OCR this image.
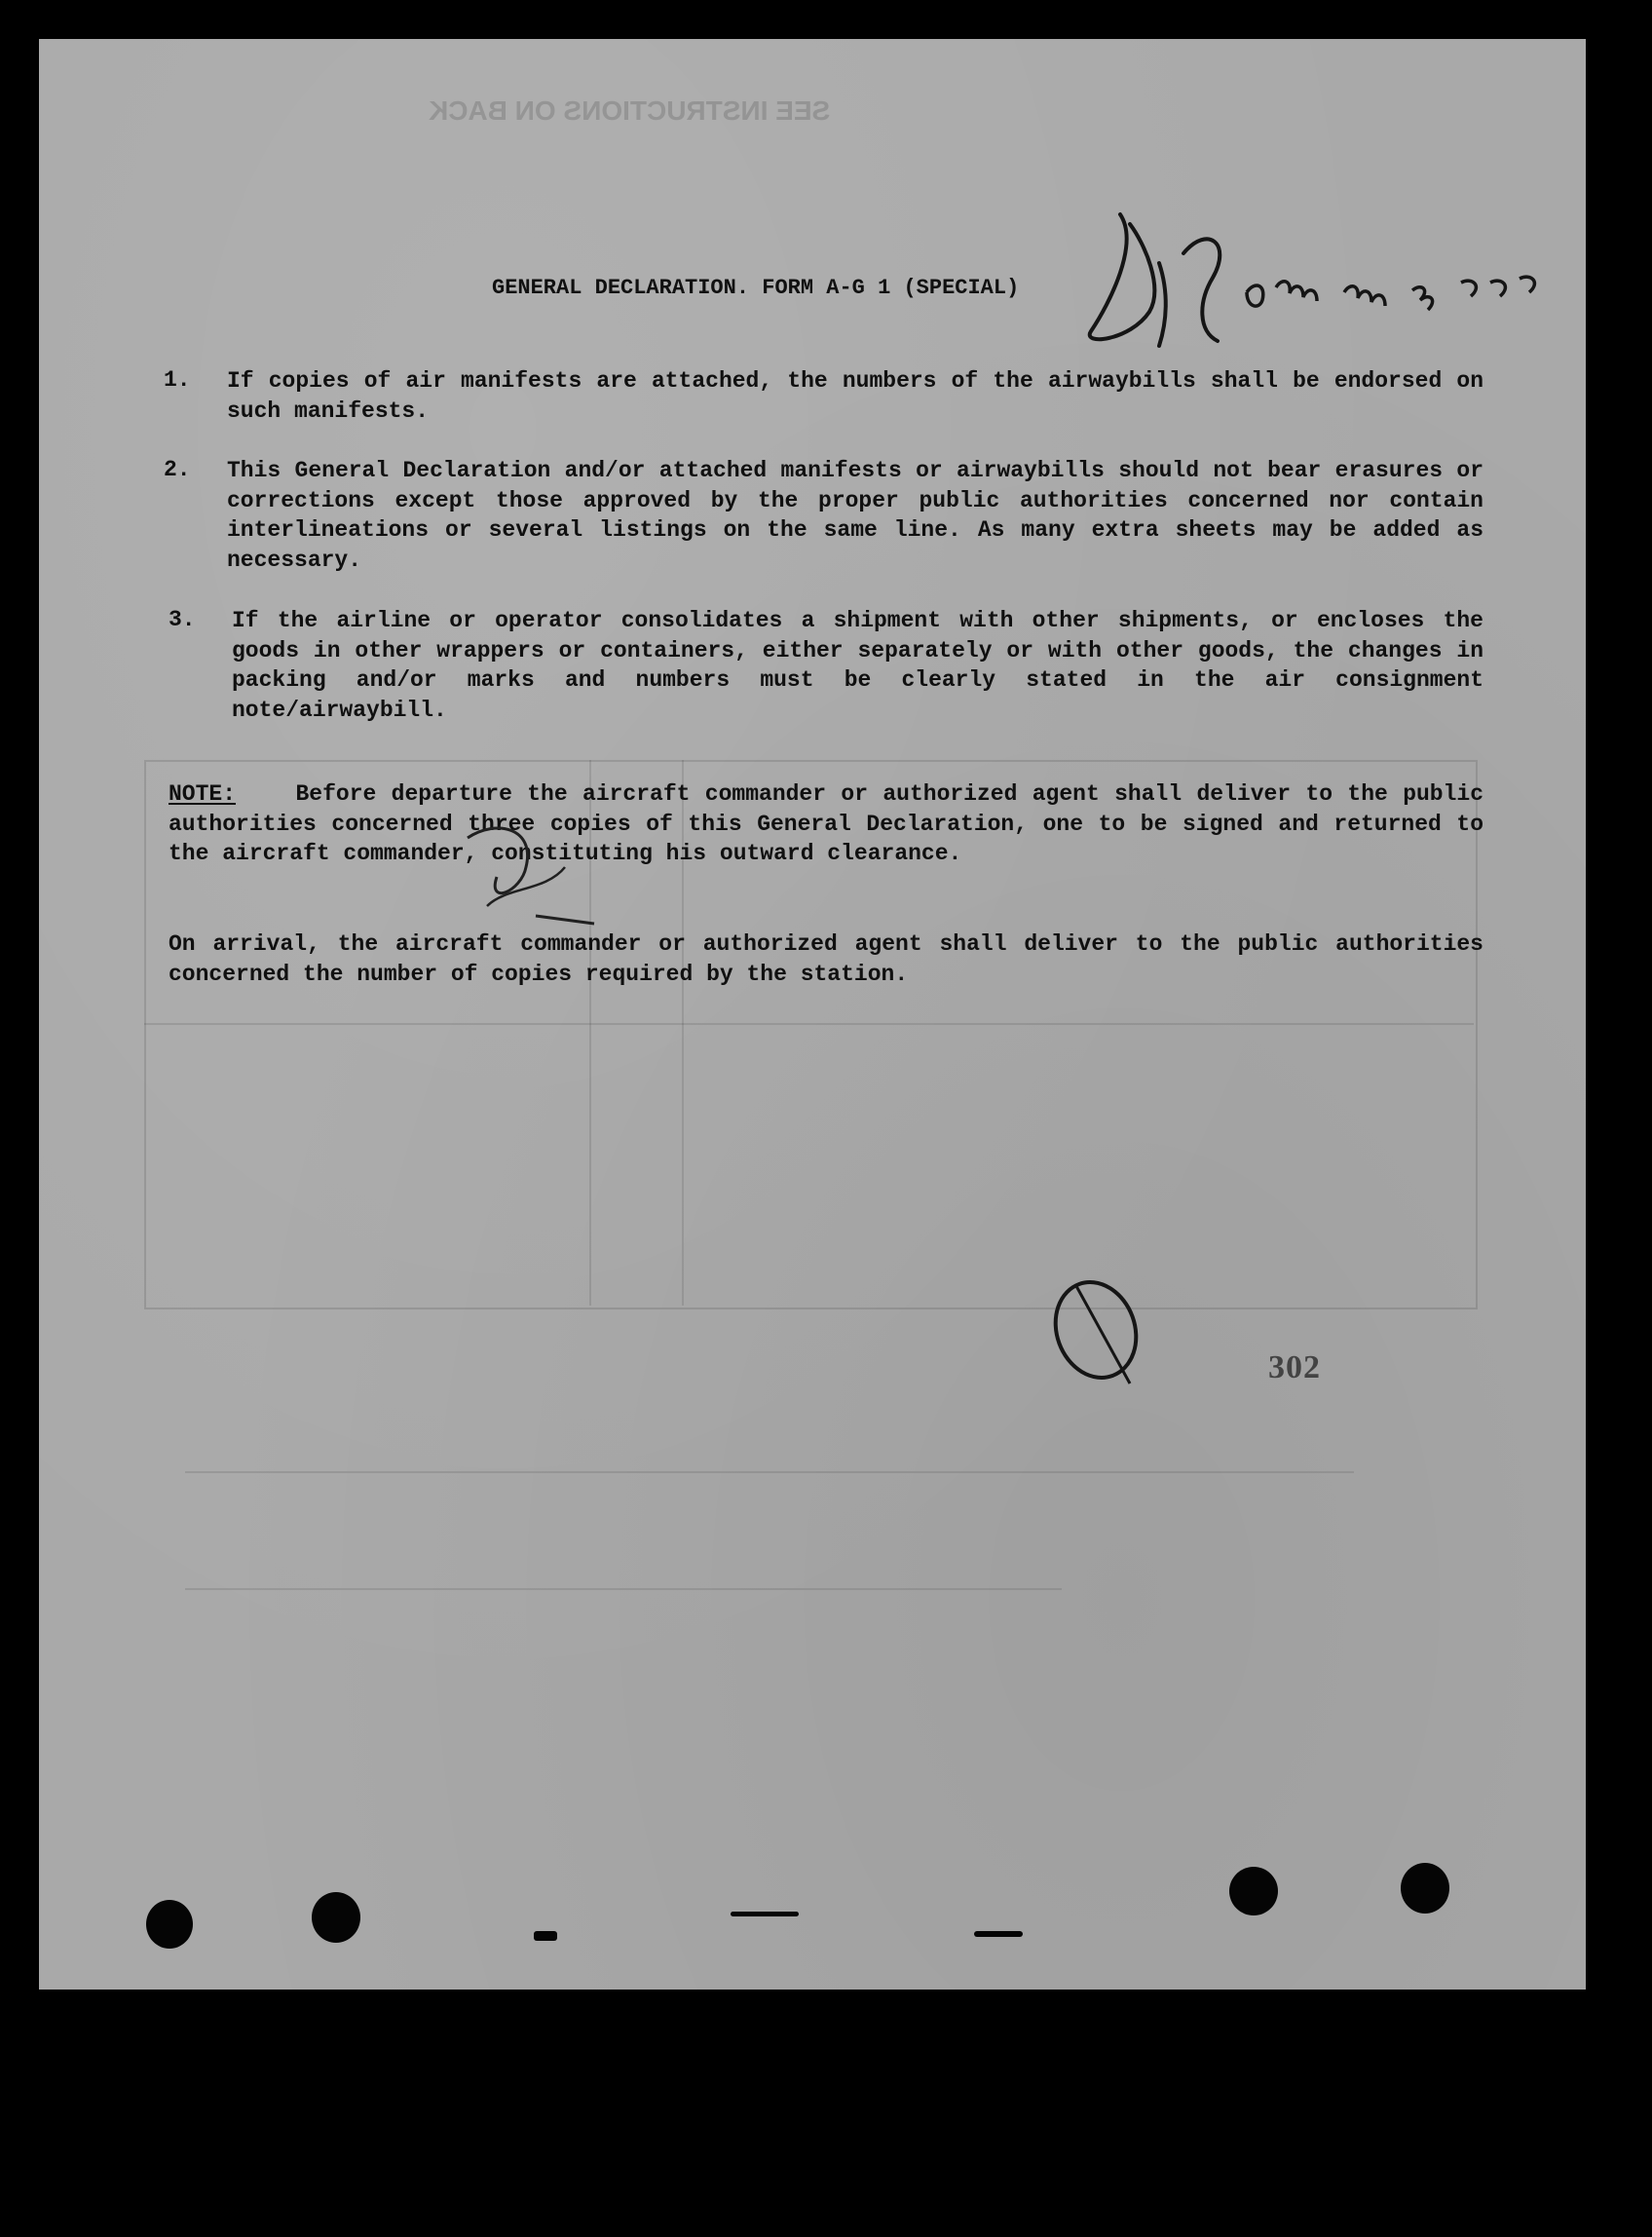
SEE INSTRUCTIONS ON BACK
GENERAL DECLARATION. FORM A-G 1 (SPECIAL)
1. If copies of air manifests are attached, the numbers of the airwaybills shall be endorsed on such manifests.
2. This General Declaration and/or attached manifests or airwaybills should not bear erasures or corrections except those approved by the proper public authorities concerned nor contain interlineations or several listings on the same line. As many extra sheets may be added as necessary.
3. If the airline or operator consolidates a shipment with other shipments, or encloses the goods in other wrappers or containers, either separately or with other goods, the changes in packing and/or marks and numbers must be clearly stated in the air consignment note/airwaybill.
NOTE:	Before departure the aircraft commander or authorized agent shall deliver to the public authorities concerned three copies of this General Declaration, one to be signed and returned to the aircraft commander, constituting his outward clearance.
On arrival, the aircraft commander or authorized agent shall deliver to the public authorities concerned the number of copies required by the station.
302
